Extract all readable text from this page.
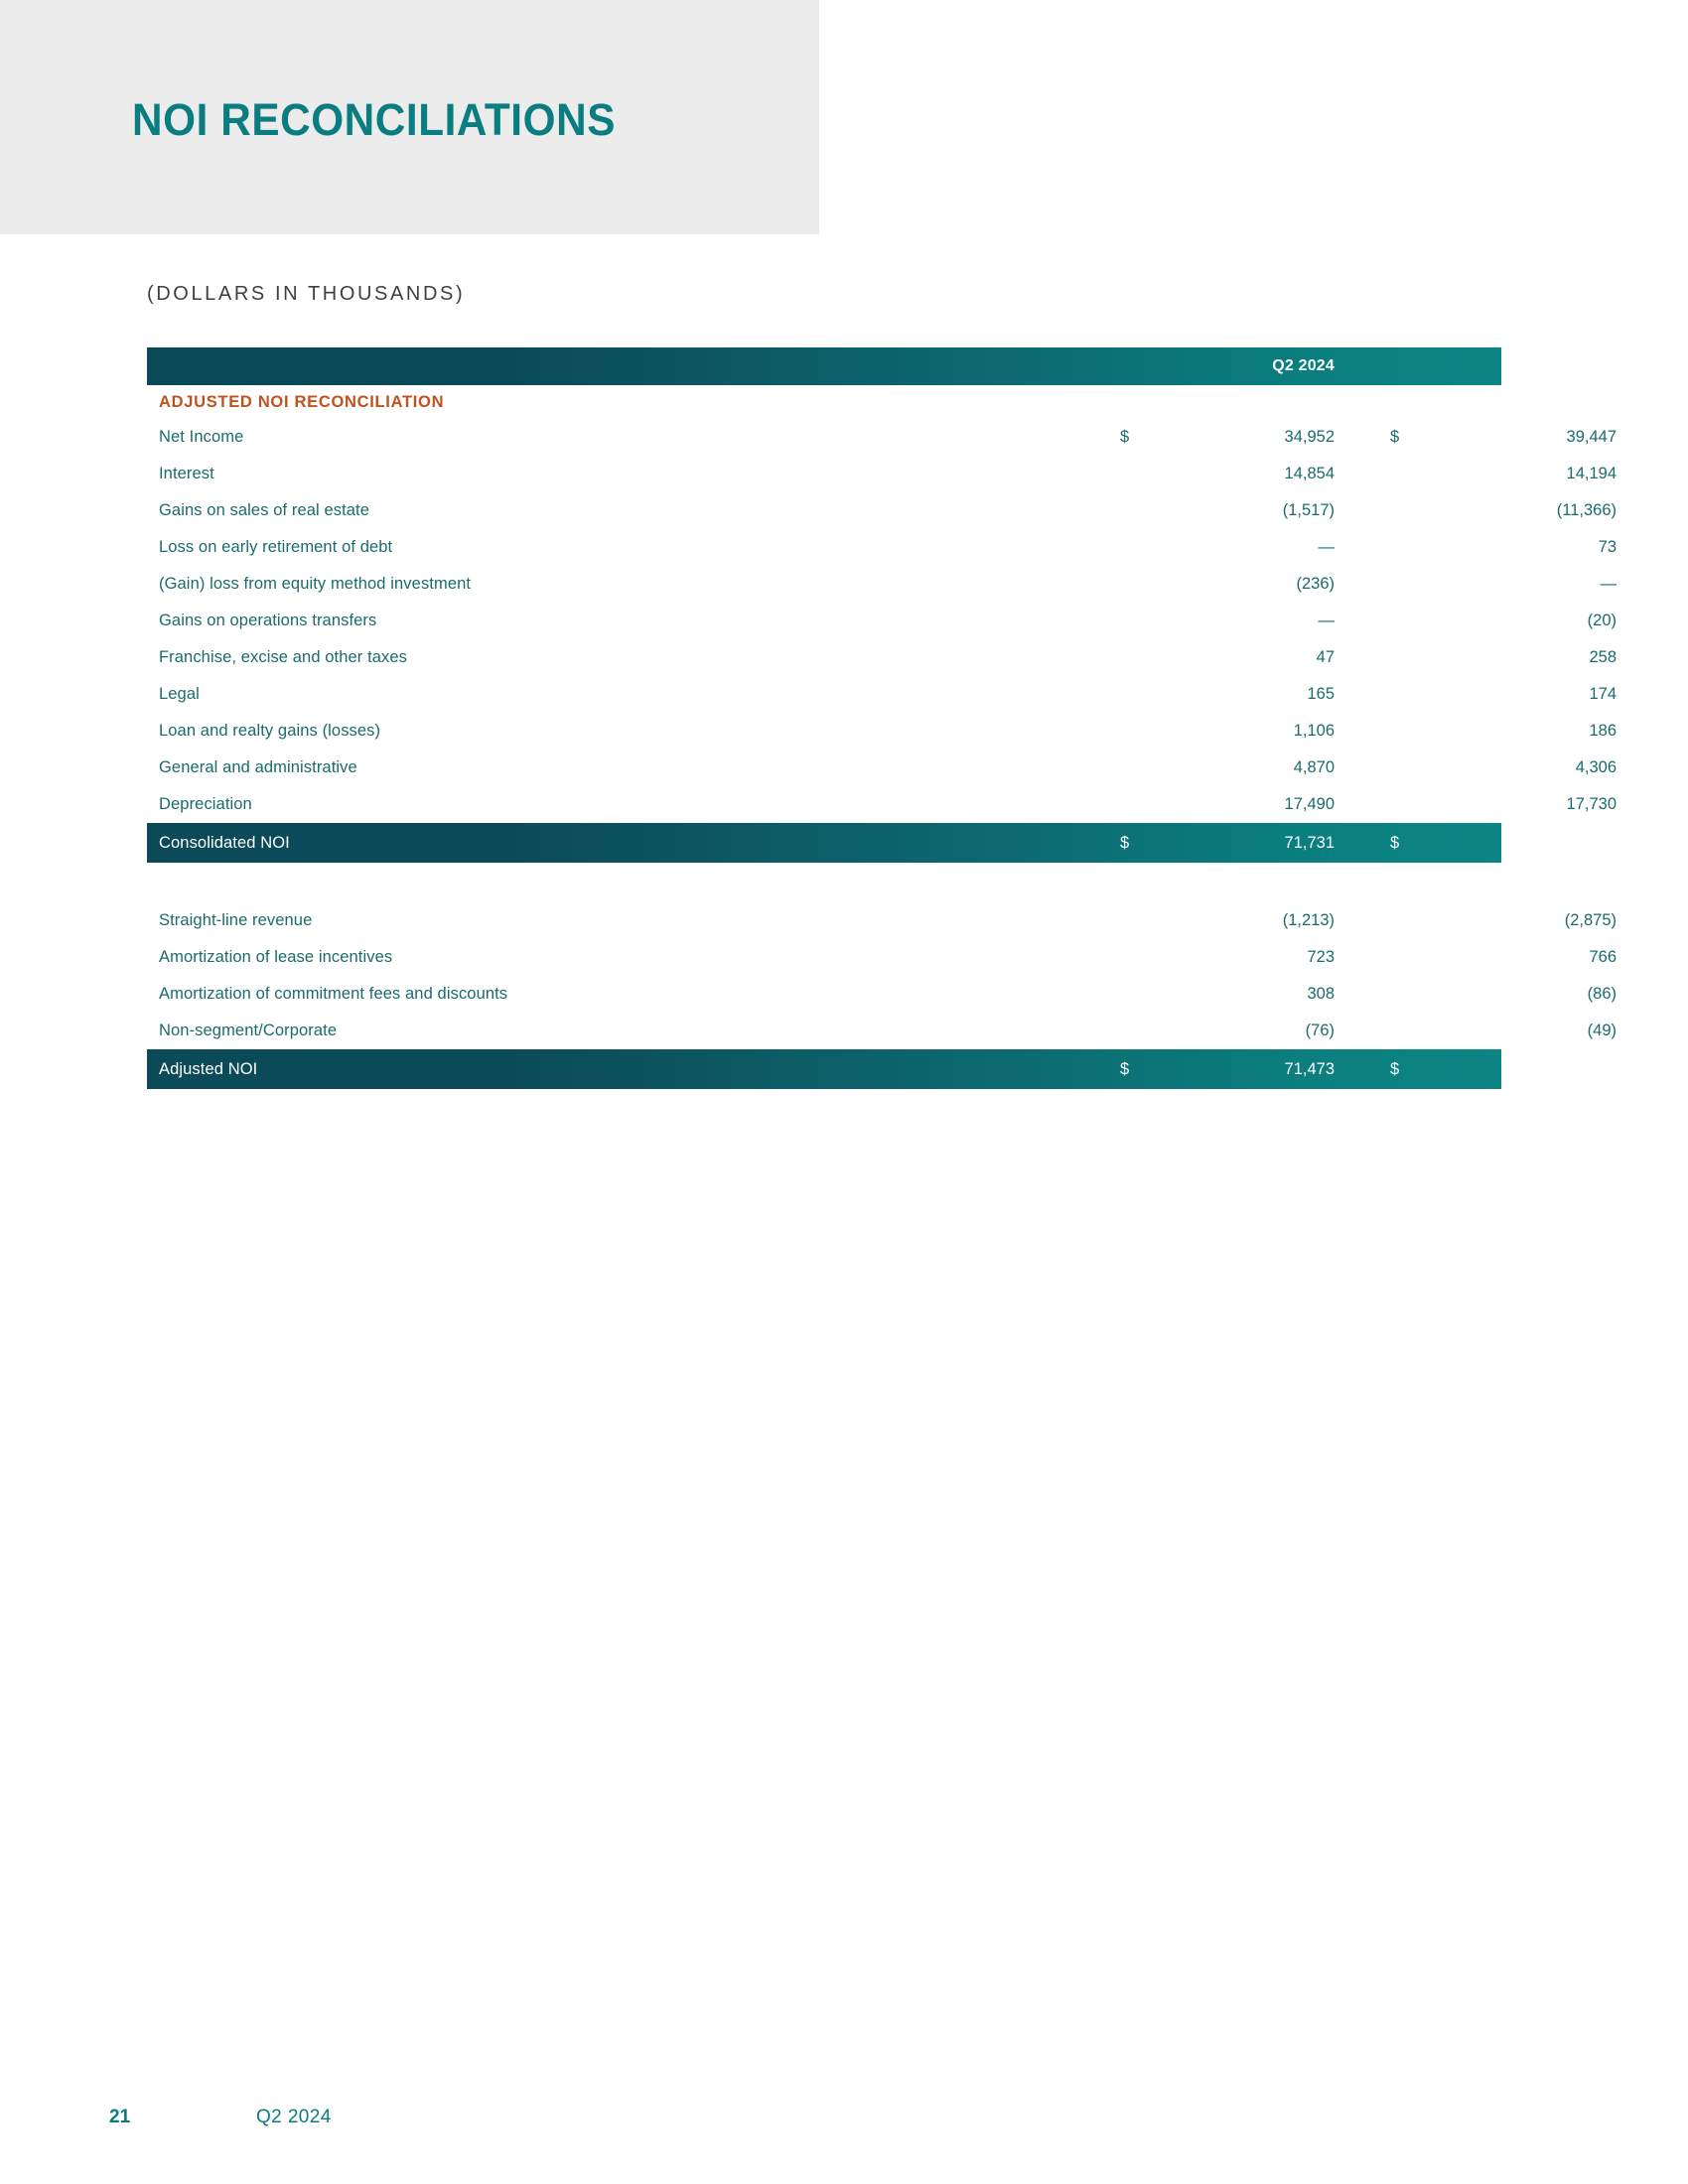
NOI RECONCILIATIONS
(DOLLARS IN THOUSANDS)
Q2 2024	Q2 2023
ADJUSTED NOI RECONCILIATION
Net Income	$	34,952	$	39,447
Interest	14,854	14,194
Gains on sales of real estate	(1,517)	(11,366)
Loss on early retirement of debt	—	73
(Gain) loss from equity method investment	(236)	—
Gains on operations transfers	—	(20)
Franchise, excise and other taxes	47	258
Legal	165	174
Loan and realty gains (losses)	1,106	186
General and administrative	4,870	4,306
Depreciation	17,490	17,730
Consolidated NOI	$	71,731	$	64,982
Straight-line revenue	(1,213)	(2,875)
Amortization of lease incentives	723	766
Amortization of commitment fees and discounts	308	(86)
Non-segment/Corporate	(76)	(49)
Adjusted NOI	$	71,473	$	62,738
21	Q2 2024
